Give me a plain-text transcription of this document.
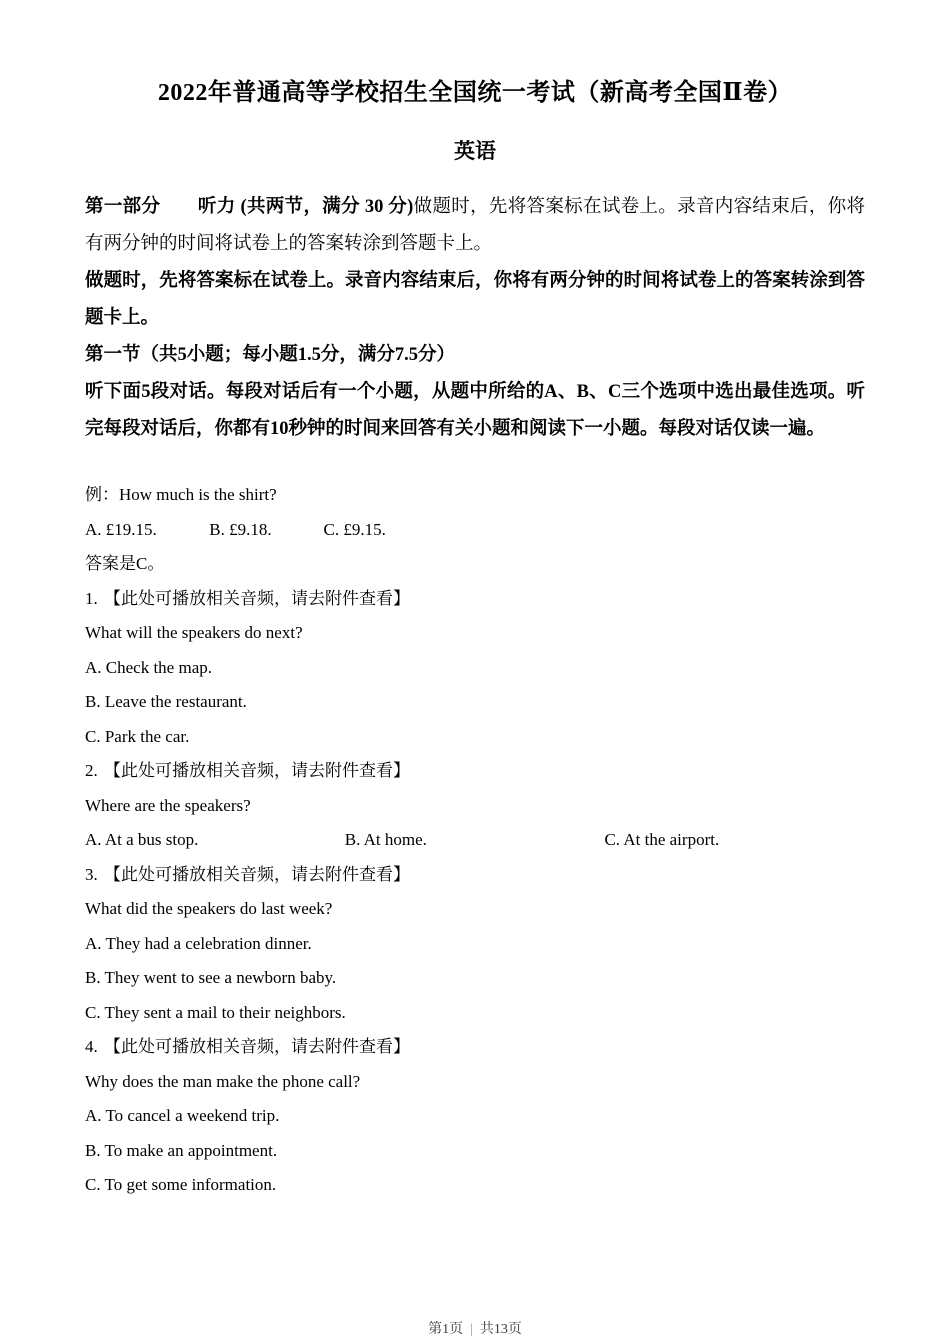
2022年普通高等学校招生全国统一考试（新高考全国Ⅱ卷）
英语

第一部分　　听力 (共两节，满分 30 分)做题时，先将答案标在试卷上。录音内容结束后，你将有两分钟的时间将试卷上的答案转涂到答题卡上。

做题时，先将答案标在试卷上。录音内容结束后，你将有两分钟的时间将试卷上的答案转涂到答题卡上。

第一节（共5小题；每小题1.5分，满分7.5分）

听下面5段对话。每段对话后有一个小题，从题中所给的A、B、C三个选项中选出最佳选项。听完每段对话后，你都有10秒钟的时间来回答有关小题和阅读下一小题。每段对话仅读一遍。

例：How much is the shirt?

A. £19.15.	B. £9.18.	C. £9.15.

答案是C。

1. 【此处可播放相关音频，请去附件查看】

What will the speakers do next?

A. Check the map.

B. Leave the restaurant.

C. Park the car.

2. 【此处可播放相关音频，请去附件查看】

Where are the speakers?

A. At a bus stop.	B. At home.	C. At the airport.

3. 【此处可播放相关音频，请去附件查看】

What did the speakers do last week?

A. They had a celebration dinner.

B. They went to see a newborn baby.

C. They sent a mail to their neighbors.

4. 【此处可播放相关音频，请去附件查看】

Why does the man make the phone call?

A. To cancel a weekend trip.

B. To make an appointment.

C. To get some information.

第1页 | 共13页
